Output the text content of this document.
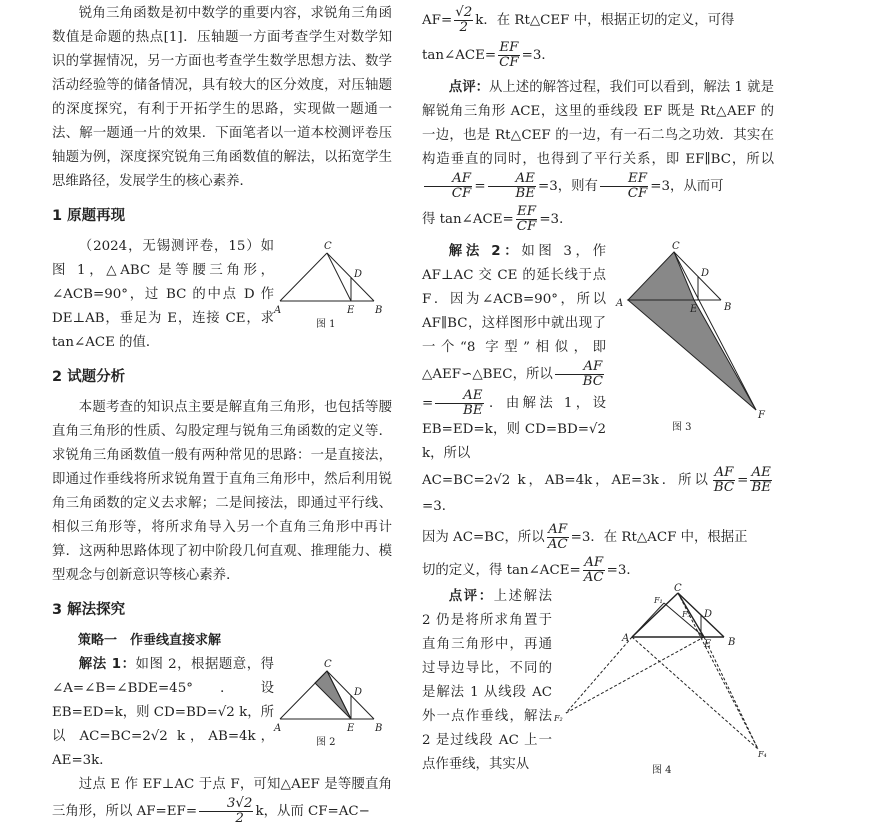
锐角三角函数是初中数学的重要内容，求锐角三角函数值是命题的热点[1]．压轴题一方面考查学生对数学知识的掌握情况，另一方面也考查学生数学思想方法、数学活动经验等的储备情况，具有较大的区分效度，对压轴题的深度探究，有利于开拓学生的思路，实现做一题通一法、解一题通一片的效果．下面笔者以一道本校测评卷压轴题为例，深度探究锐角三角函数值的解法，以拓宽学生思维路径，发展学生的核心素养．

1 原题再现
C
A	B
D
E
图 1

（2024，无锡测评卷，15）如图 1，△ABC 是等腰三角形，∠ACB=90°，过 BC 的中点 D 作 DE⊥AB，垂足为 E，连接 CE，求 tan∠ACE 的值．

2 试题分析

本题考查的知识点主要是解直角三角形，也包括等腰直角三角形的性质、勾股定理与锐角三角函数的定义等．求锐角三角函数值一般有两种常见的思路：一是直接法，即通过作垂线将所求锐角置于直角三角形中，然后利用锐角三角函数的定义去求解；二是间接法，即通过平行线、相似三角形等，将所求角导入另一个直角三角形中再计算．这两种思路体现了初中阶段几何直观、推理能力、模型观念与创新意识等核心素养．

3 解法探究

策略一　作垂线直接求解

C
A	B
D
E
图 2

解法 1：如图 2，根据题意，得∠A=∠B=∠BDE=45°．设 EB=ED=k，则 CD=BD=√2 k，所以 AC=BC=2√2 k，AB=4k，AE=3k．

过点 E 作 EF⊥AC 于点 F，可知△AEF 是等腰直角三角形，所以 $AF=EF= \frac{3√2}{2}$ k，从而 CF=AC−

$AF= \frac{√2}{2}$ k．在 Rt△CEF 中，根据正切的定义，可得

tan∠ACE= $\frac{EF}{CF} =3$．

点评：从上述的解答过程，我们可以看到，解法 1 就是解锐角三角形 ACE，这里的垂线段 EF 既是 Rt△AEF 的一边，也是 Rt△CEF 的一边，有一石二鸟之功效．其实在构造垂直的同时，也得到了平行关系，即 EF∥BC，所以
$\frac{AF}{CF} = \frac{AE}{BE} =3$，则有 $\frac{EF}{CF} =3$，从而可

得 tan∠ACE= $\frac{EF}{CF} =3$．

C
A	B
D
E
F
图 3

解法 2：如图 3，作 AF⊥AC 交 CE 的延长线于点 F．因为∠ACB=90°，所以 AF∥BC，这样图形中就出现了一个“8 字型”相似，即△AEF∽△BEC，所以 $\frac{AF}{BC}$
= $\frac{AE}{BE}$ ．由解法 1，设 EB=ED=k，则 CD=BD=√2 k，所以

AC=BC=2√2 k，AB=4k，AE=3k．所以 $\frac{AF}{BC} = \frac{AE}{BE}$
=3．

因为 AC=BC，所以 $\frac{AF}{AC} =3$．在 Rt△ACF 中，根据正

切的定义，得 tan∠ACE= $\frac{AF}{AC} =3$．

C
A	B
D
E
F₁
F₃
F₂
F₄
图 4

点评：上述解法 2 仍是将所求角置于直角三角形中，再通过导边导比，不同的是解法 1 从线段 AC 外一点作垂线，解法 2 是过线段 AC 上一点作垂线，其实从
